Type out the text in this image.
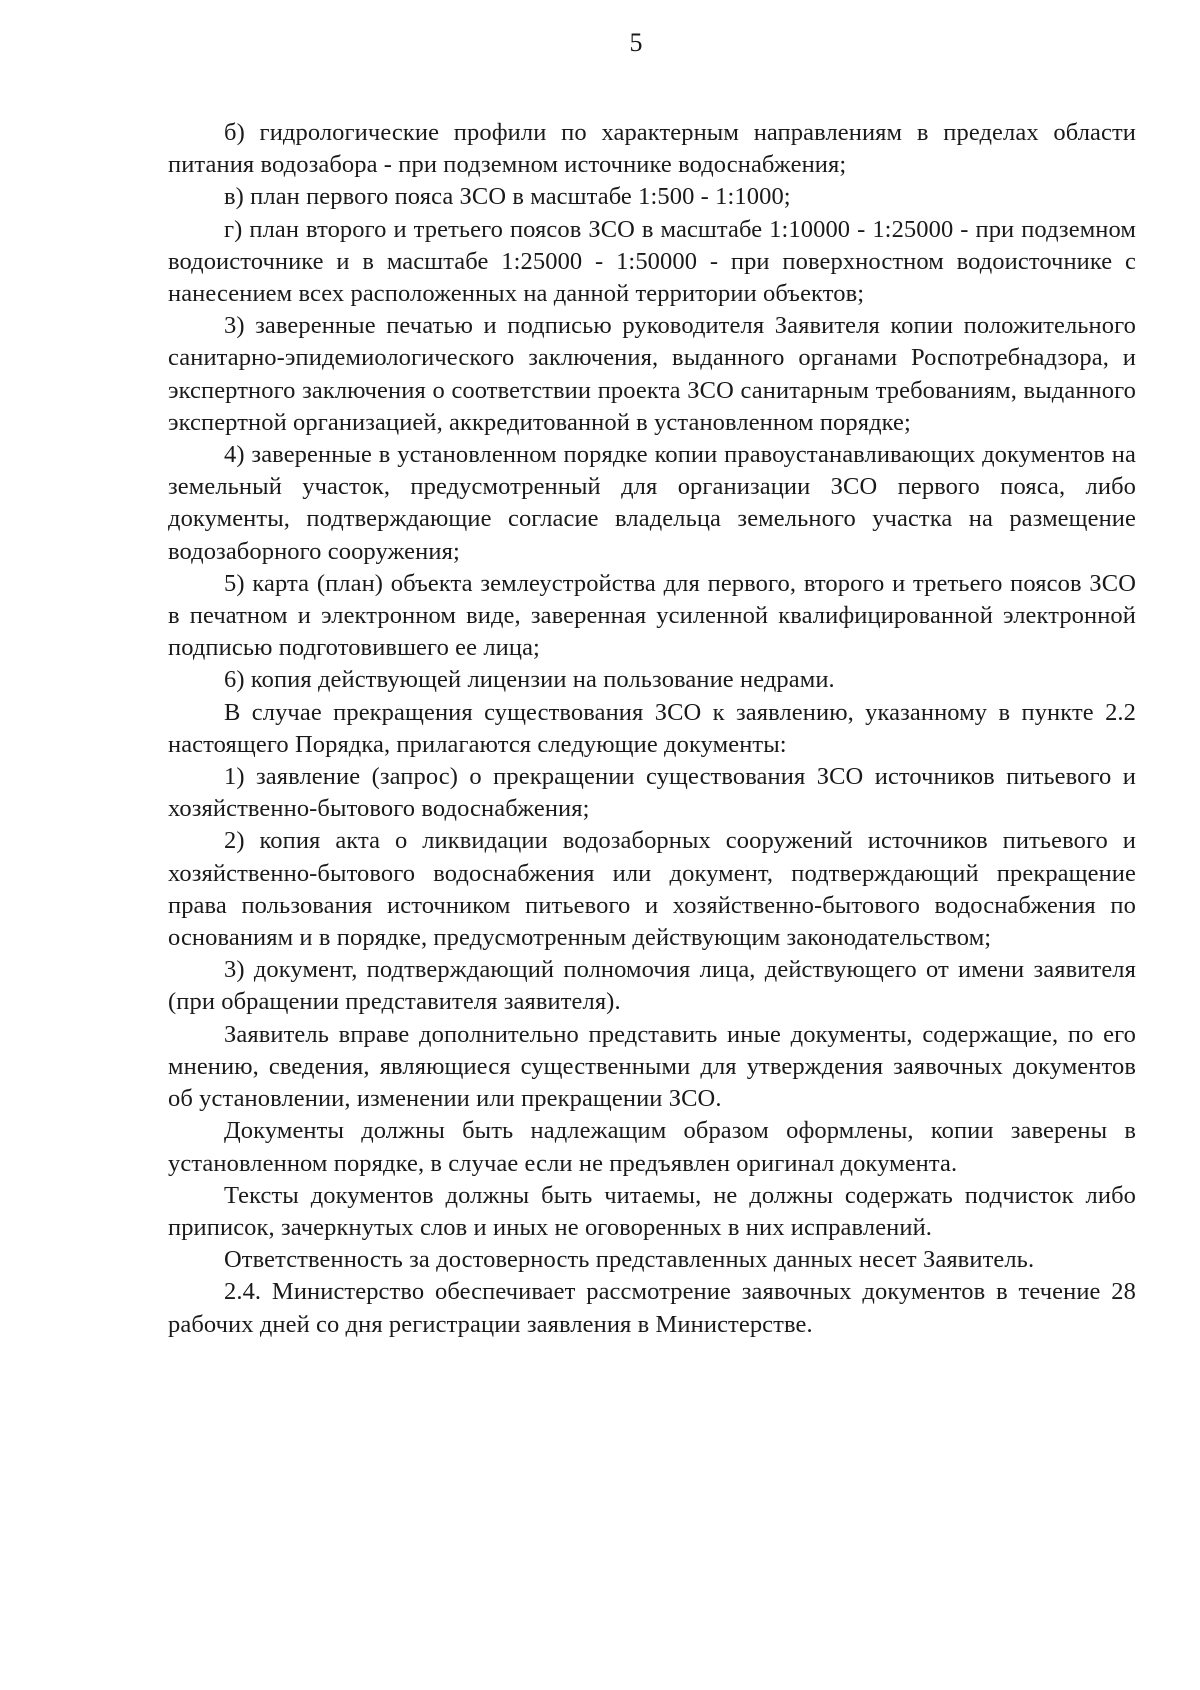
5

б) гидрологические профили по характерным направлениям в пределах области питания водозабора - при подземном источнике водоснабжения;

в) план первого пояса ЗСО в масштабе 1:500 - 1:1000;

г) план второго и третьего поясов ЗСО в масштабе 1:10000 - 1:25000 - при подземном водоисточнике и в масштабе 1:25000 - 1:50000 - при поверхностном водоисточнике с нанесением всех расположенных на данной территории объектов;

3) заверенные печатью и подписью руководителя Заявителя копии положительного санитарно-эпидемиологического заключения, выданного органами Роспотребнадзора, и экспертного заключения о соответствии проекта ЗСО санитарным требованиям, выданного экспертной организацией, аккредитованной в установленном порядке;

4) заверенные в установленном порядке копии правоустанавливающих документов на земельный участок, предусмотренный для организации ЗСО первого пояса, либо документы, подтверждающие согласие владельца земельного участка на размещение водозаборного сооружения;

5) карта (план) объекта землеустройства для первого, второго и третьего поясов ЗСО в печатном и электронном виде, заверенная усиленной квалифицированной электронной подписью подготовившего ее лица;

6) копия действующей лицензии на пользование недрами.

В случае прекращения существования ЗСО к заявлению, указанному в пункте 2.2 настоящего Порядка, прилагаются следующие документы:

1) заявление (запрос) о прекращении существования ЗСО источников питьевого и хозяйственно-бытового водоснабжения;

2) копия акта о ликвидации водозаборных сооружений источников питьевого и хозяйственно-бытового водоснабжения или документ, подтверждающий прекращение права пользования источником питьевого и хозяйственно-бытового водоснабжения по основаниям и в порядке, предусмотренным действующим законодательством;

3) документ, подтверждающий полномочия лица, действующего от имени заявителя (при обращении представителя заявителя).

Заявитель вправе дополнительно представить иные документы, содержащие, по его мнению, сведения, являющиеся существенными для утверждения заявочных документов об установлении, изменении или прекращении ЗСО.

Документы должны быть надлежащим образом оформлены, копии заверены в установленном порядке, в случае если не предъявлен оригинал документа.

Тексты документов должны быть читаемы, не должны содержать подчисток либо приписок, зачеркнутых слов и иных не оговоренных в них исправлений.

Ответственность за достоверность представленных данных несет Заявитель.

2.4. Министерство обеспечивает рассмотрение заявочных документов в течение 28 рабочих дней со дня регистрации заявления в Министерстве.
